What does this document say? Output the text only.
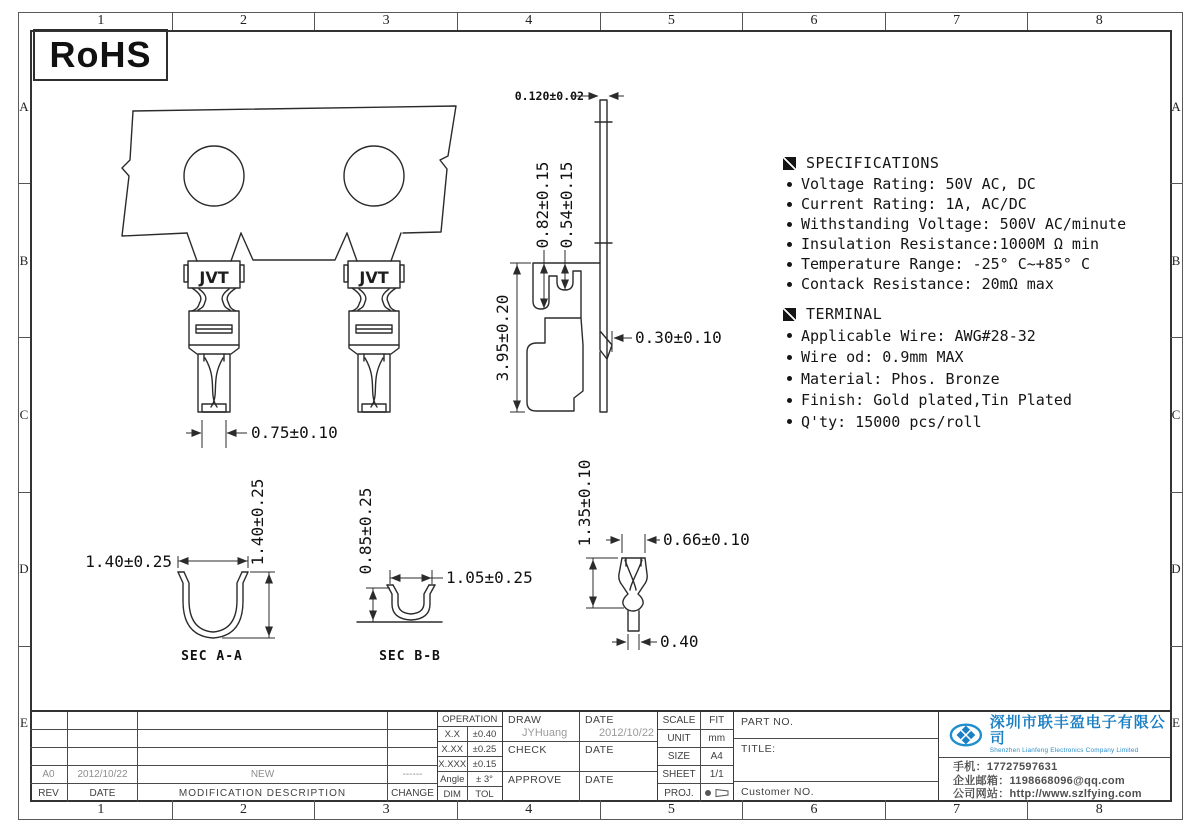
1	2	3	4	5	6	7	8
1	2	3	4	5	6	7	8
A
B
C
D
E
A
B
C
D
E
RoHS
JVT	JVT
0.75±0.10
0.120±0.02
0.82±0.15 0.54±0.15
3.95±0.20	0.30±0.10
1.40±0.25	1.40±0.25
SEC A-A
0.85±0.25
1.05±0.25
SEC B-B
1.35±0.10	0.66±0.10
0.40
SPECIFICATIONS
Voltage Rating: 50V AC, DC
Current Rating: 1A, AC/DC
Withstanding Voltage: 500V AC/minute
Insulation Resistance:1000M Ω min
Temperature Range: -25° C~+85° C
Contack Resistance: 20mΩ max
TERMINAL
Applicable Wire: AWG#28-32
Wire od: 0.9mm MAX
Material: Phos. Bronze
Finish: Gold plated,Tin Plated
Q'ty: 15000 pcs/roll
A0	2012/10/22	NEW	------
REV	DATE	MODIFICATION DESCRIPTION	CHANGE
OPERATION
X.X	±0.40
X.XX	±0.25
X.XXX ±0.15
Angle	± 3°
DIM	TOL
DRAW
JYHuang
DATE
2012/10/22
CHECK	DATE
APPROVE	DATE
SCALE	FIT
UNIT	mm
SIZE	A4
SHEET	1/1
PROJ.
PART NO.
TITLE:
Customer NO.
深圳市联丰盈电子有限公司
Shenzhen Lianfeng Electronics Company Limited
手机：17727597631
企业邮箱：1198668096@qq.com
公司网站：http://www.szlfying.com
